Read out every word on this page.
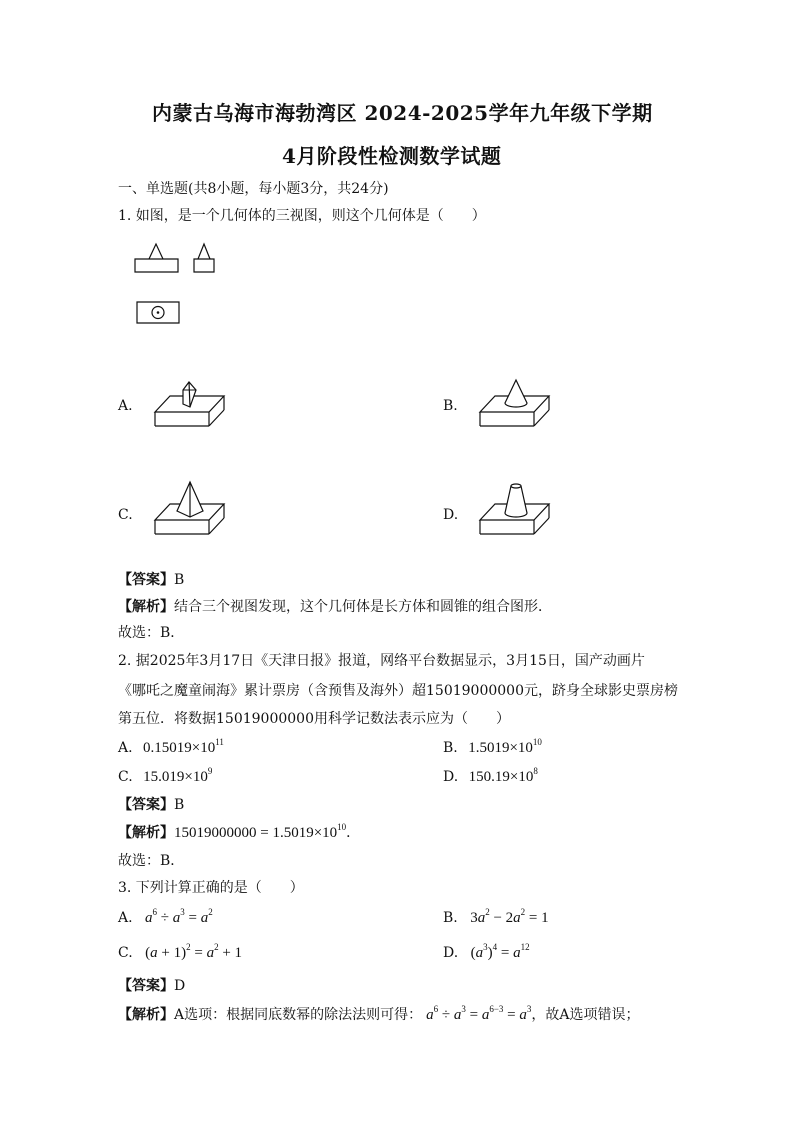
内蒙古乌海市海勃湾区 2024-2025学年九年级下学期
4月阶段性检测数学试题
一、单选题(共8小题，每小题3分，共24分)
1. 如图，是一个几何体的三视图，则这个几何体是（　　）
A.	B.
C.	D.
【答案】B
【解析】结合三个视图发现，这个几何体是长方体和圆锥的组合图形．
故选：B．
2. 据2025年3月17日《天津日报》报道，网络平台数据显示，3月15日，国产动画片
《哪吒之魔童闹海》累计票房（含预售及海外）超15019000000元，跻身全球影史票房榜
第五位．将数据15019000000用科学记数法表示应为（　　）
A. $0.15019\times 10^{11}$	B. $1.5019\times 10^{10}$
C. $15.019\times 10^9$	D. $150.19\times 10^8$
【答案】B
【解析】$15019000000 = 1.5019\times 10^{10}$．
故选：B．
3. 下列计算正确的是（　　）
A. $a^6 \div a^3 = a^2$	B. $3a^2 - 2a^2 = 1$
C. $(a + 1)^2 = a^2 + 1$	D. $(a^3)^4 = a^{12}$
【答案】D
【解析】A选项：根据同底数幂的除法法则可得： $a^6 \div a^3 = a^{6-3} = a^3$，故A选项错误；
